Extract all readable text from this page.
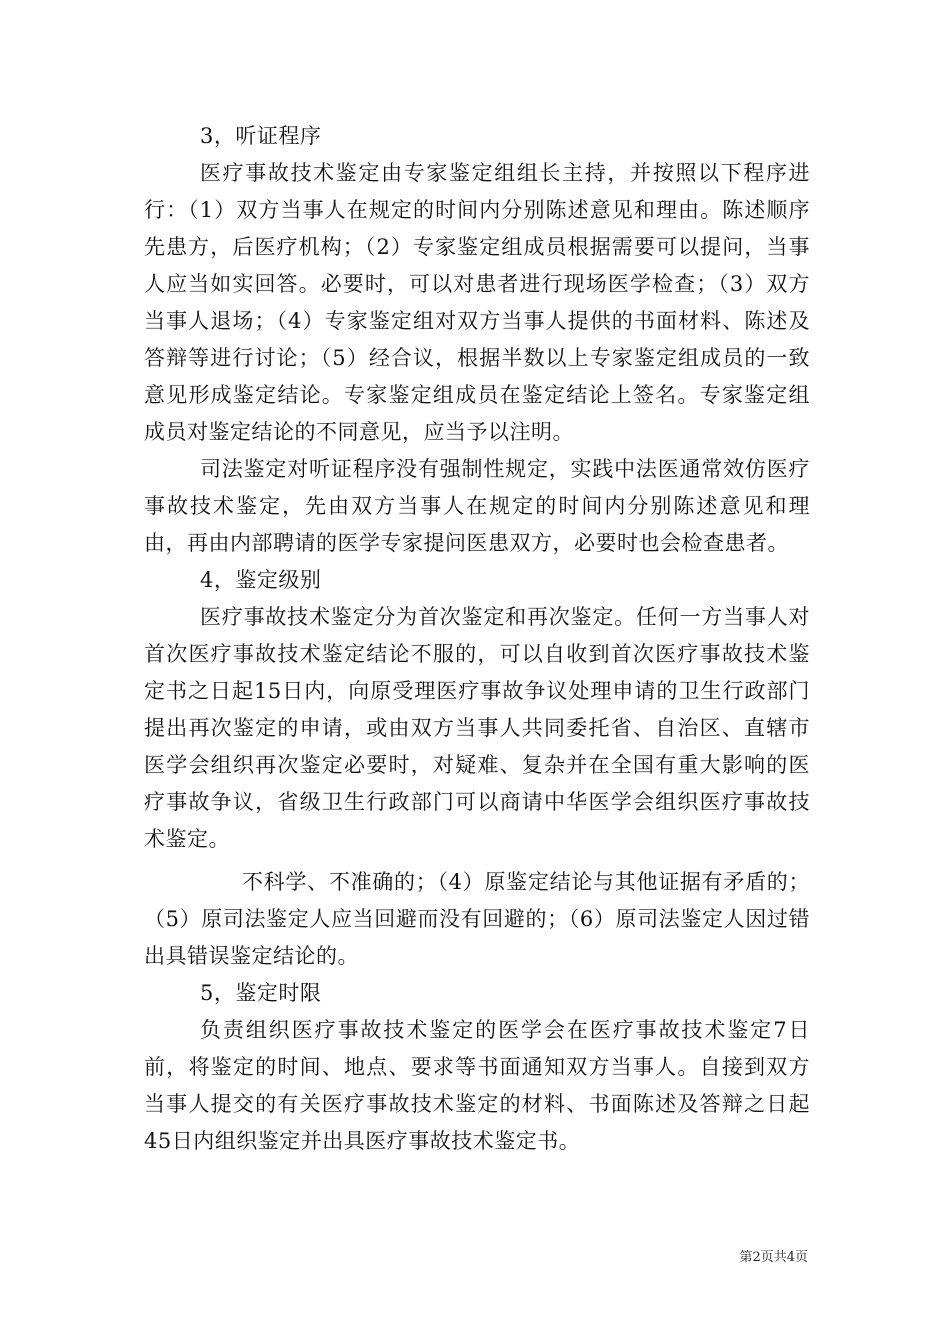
3，听证程序

医疗事故技术鉴定由专家鉴定组组长主持，并按照以下程序进行：（1）双方当事人在规定的时间内分别陈述意见和理由。陈述顺序先患方，后医疗机构；（2）专家鉴定组成员根据需要可以提问，当事人应当如实回答。必要时，可以对患者进行现场医学检查；（3）双方当事人退场；（4）专家鉴定组对双方当事人提供的书面材料、陈述及答辩等进行讨论；（5）经合议，根据半数以上专家鉴定组成员的一致意见形成鉴定结论。专家鉴定组成员在鉴定结论上签名。专家鉴定组成员对鉴定结论的不同意见，应当予以注明。

司法鉴定对听证程序没有强制性规定，实践中法医通常效仿医疗事故技术鉴定，先由双方当事人在规定的时间内分别陈述意见和理由，再由内部聘请的医学专家提问医患双方，必要时也会检查患者。

4，鉴定级别

医疗事故技术鉴定分为首次鉴定和再次鉴定。任何一方当事人对首次医疗事故技术鉴定结论不服的，可以自收到首次医疗事故技术鉴定书之日起15日内，向原受理医疗事故争议处理申请的卫生行政部门提出再次鉴定的申请，或由双方当事人共同委托省、自治区、直辖市医学会组织再次鉴定必要时，对疑难、复杂并在全国有重大影响的医疗事故争议，省级卫生行政部门可以商请中华医学会组织医疗事故技术鉴定。

不科学、不准确的；（4）原鉴定结论与其他证据有矛盾的；（5）原司法鉴定人应当回避而没有回避的；（6）原司法鉴定人因过错出具错误鉴定结论的。

5，鉴定时限

负责组织医疗事故技术鉴定的医学会在医疗事故技术鉴定7日前，将鉴定的时间、地点、要求等书面通知双方当事人。自接到双方当事人提交的有关医疗事故技术鉴定的材料、书面陈述及答辩之日起45日内组织鉴定并出具医疗事故技术鉴定书。

第2页共4页
